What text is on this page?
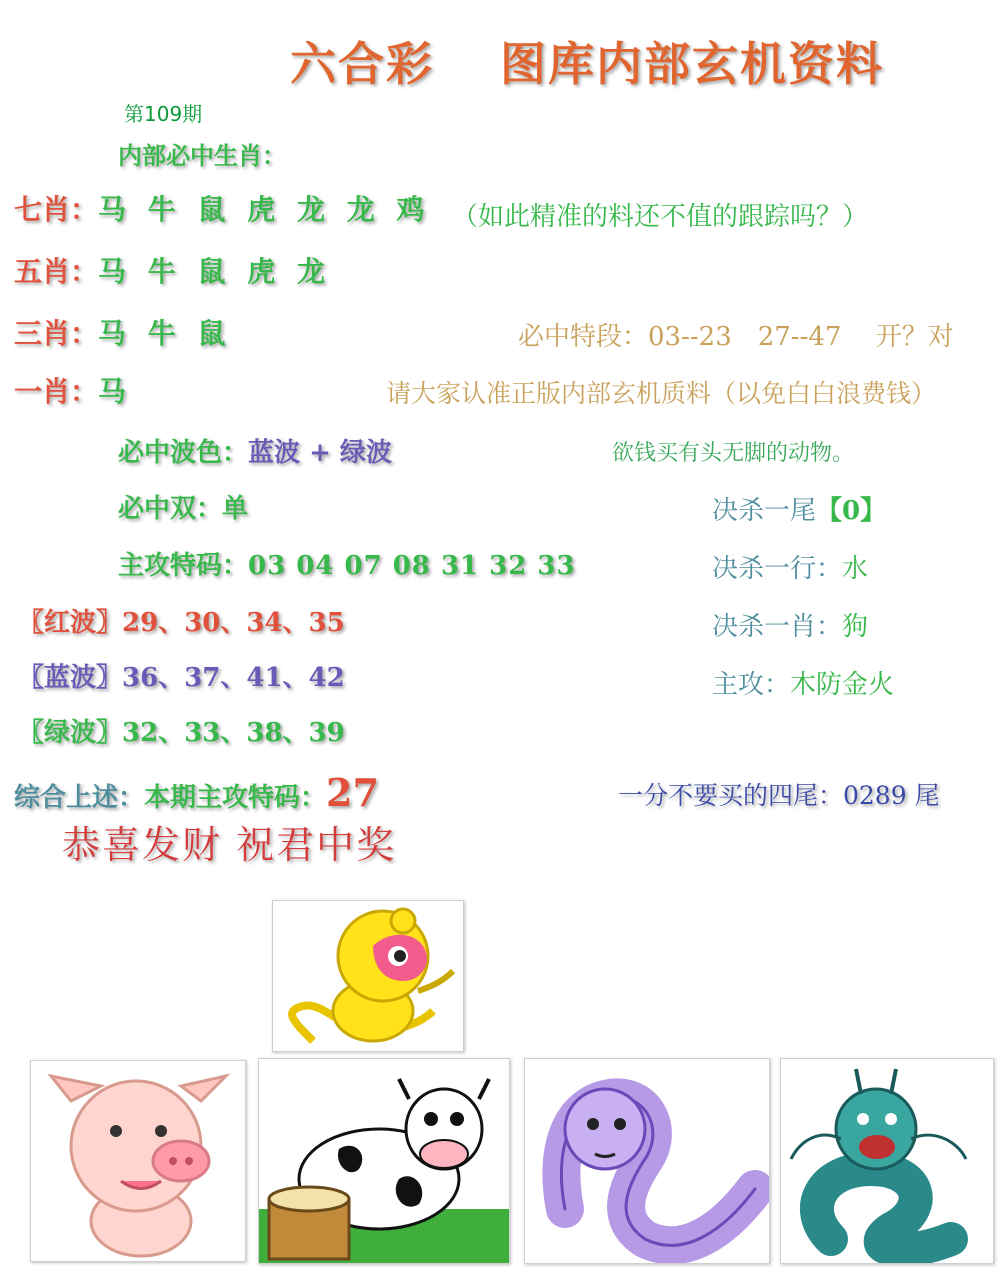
六合彩 图库内部玄机资料
第109期
内部必中生肖：
七肖：马 牛 鼠 虎 龙 龙 鸡
五肖：马 牛 鼠 虎 龙
三肖：马 牛 鼠
一肖：马
（如此精准的料还不值的跟踪吗？）
必中特段：03--23　27--47　 开？对
请大家认准正版内部玄机质料（以免白白浪费钱）
欲钱买有头无脚的动物。
必中波色：蓝波 + 绿波
必中双：单
主攻特码：03 04 07 08 31 32 33
〖红波〗29、30、34、35
〖蓝波〗36、37、41、42
〖绿波〗32、33、38、39
决杀一尾【0】
决杀一行：水
决杀一肖：狗
主攻：木防金火
综合上述：本期主攻特码：27	一分不要买的四尾：0289 尾
恭喜发财 祝君中奖
